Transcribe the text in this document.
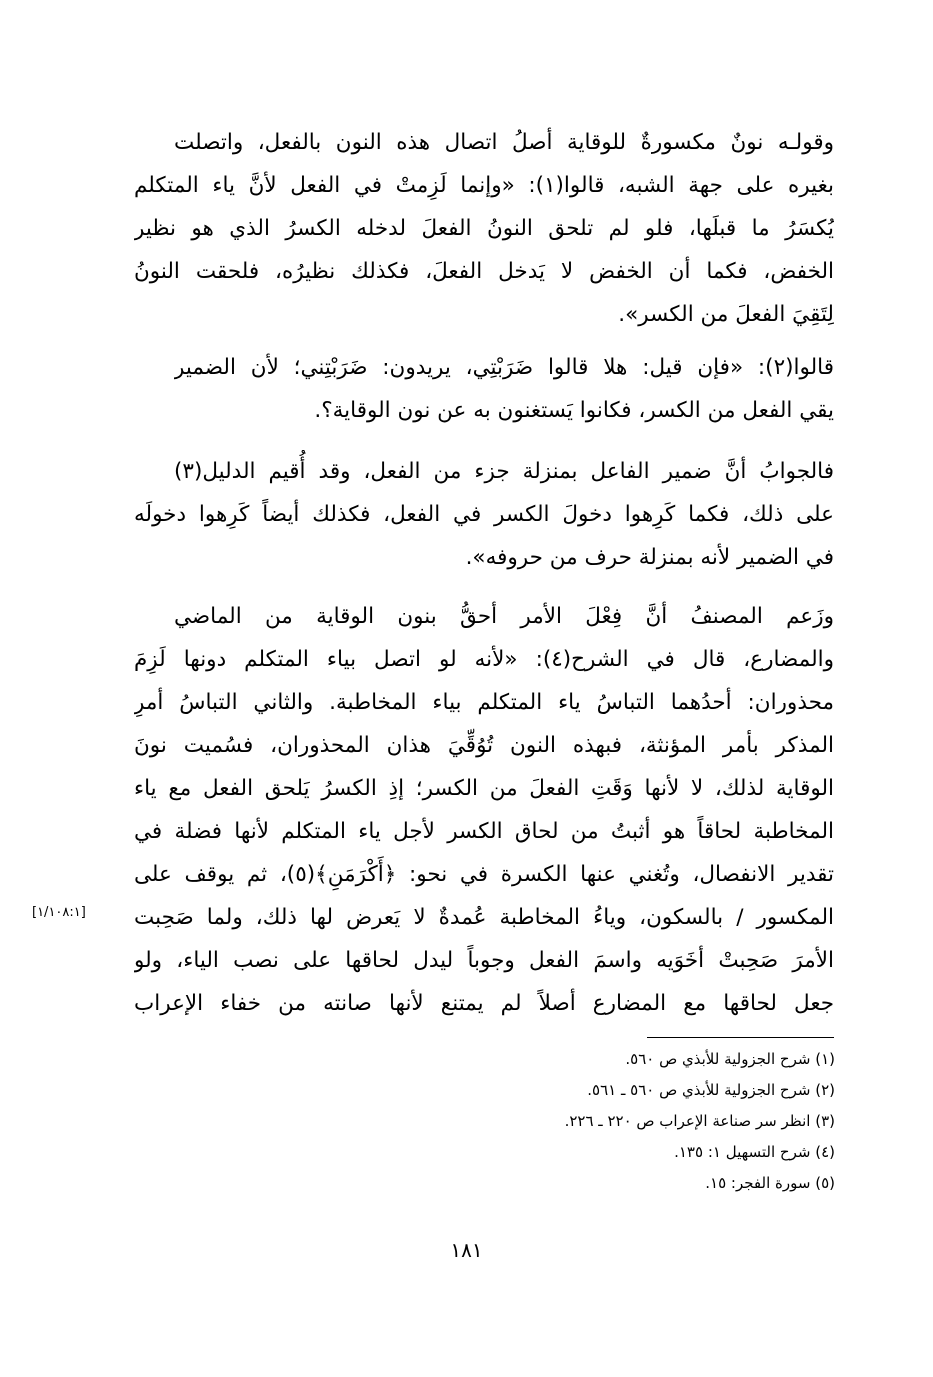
وقولـه نونٌ مكسورةٌ للوقاية أصلُ اتصال هذه النون بالفعل، واتصلت
بغيره على جهة الشبه، قالوا(١): «وإنما لَزِمتْ في الفعل لأنَّ ياء المتكلم
يُكسَرُ ما قبلَها، فلو لم تلحق النونُ الفعلَ لدخله الكسرُ الذي هو نظير
الخفض، فكما أن الخفض لا يَدخل الفعلَ، فكذلك نظيرُه، فلحقت النونُ
لِتَقِيَ الفعلَ من الكسر».
قالوا(٢): «فإن قيل: هلا قالوا ضَرَبْتِي، يريدون: ضَرَبْتِني؛ لأن الضمير
يقي الفعل من الكسر، فكانوا يَستغنون به عن نون الوقاية؟.
فالجوابُ أنَّ ضمير الفاعل بمنزلة جزء من الفعل، وقد أُقيم الدليل(٣)
على ذلك، فكما كَرِهوا دخولَ الكسر في الفعل، فكذلك أيضاً كَرِهوا دخولَه
في الضمير لأنه بمنزلة حرف من حروفه».
وزَعم المصنفُ أنَّ فِعْلَ الأمر أحقُّ بنون الوقاية من الماضي
والمضارع، قال في الشرح(٤): «لأنه لو اتصل بياء المتكلم دونها لَزِمَ
محذوران: أحدُهما التباسُ ياء المتكلم بياء المخاطبة. والثاني التباسُ أمرِ
المذكر بأمر المؤنثة، فبهذه النون تُوُقِّيَ هذان المحذوران، فسُميت نونَ
الوقاية لذلك، لا لأنها وَقَتِ الفعلَ من الكسر؛ إذِ الكسرُ يَلحق الفعل مع ياء
المخاطبة لحاقاً هو أثبتُ من لحاق الكسر لأجل ياء المتكلم لأنها فضلة في
تقدير الانفصال، وتُغني عنها الكسرة في نحو: ﴿أَكْرَمَنِ﴾(٥)، ثم يوقف على
المكسور / بالسكون، وياءُ المخاطبة عُمدةٌ لا يَعرض لها ذلك، ولما صَحِبت
الأمرَ صَحِبتْ أخَوَيه واسمَ الفعل وجوباً ليدل لحاقها على نصب الياء، ولو
جعل لحاقها مع المضارع أصلاً لم يمتنع لأنها صانته من خفاء الإعراب
[١/١٠٨:١]
(١) شرح الجزولية للأبذي ص ٥٦٠.
(٢) شرح الجزولية للأبذي ص ٥٦٠ ـ ٥٦١.
(٣) انظر سر صناعة الإعراب ص ٢٢٠ ـ ٢٢٦.
(٤) شرح التسهيل ١: ١٣٥.
(٥) سورة الفجر: ١٥.
١٨١
